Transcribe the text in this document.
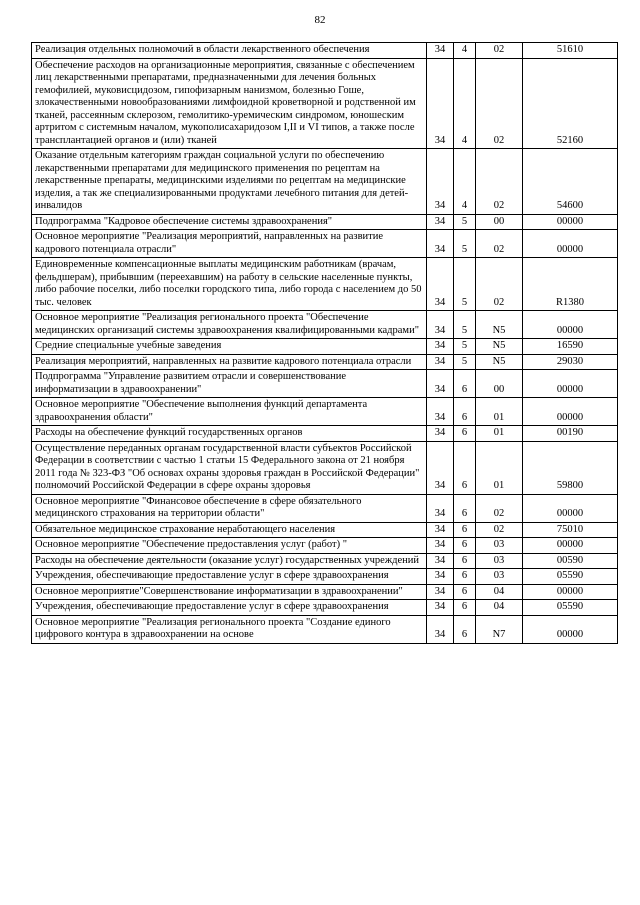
82
Реализация отдельных полномочий в области лекарственного обеспечения	34	4	02	51610
Обеспечение расходов на организационные мероприятия, связанные с обеспечением лиц лекарственными препаратами, предназначенными для лечения больных гемофилией, муковисцидозом, гипофизарным нанизмом, болезнью Гоше, злокачественными новообразованиями лимфоидной кроветворной и родственной им тканей, рассеянным склерозом, гемолитико-уремическим синдромом, юношеским артритом с системным началом, мукополисахаридозом I,II и VI типов, а также после трансплантацией органов и (или) тканей	34	4	02	52160
Оказание отдельным категориям граждан социальной услуги по обеспечению лекарственными препаратами для медицинского применения по рецептам на лекарственные препараты, медицинскими изделиями по рецептам на медицинские изделия, а так же специализированными продуктами лечебного питания для детей-инвалидов	34	4	02	54600
Подпрограмма "Кадровое обеспечение системы здравоохранения"	34	5	00	00000
Основное мероприятие "Реализация мероприятий, направленных на развитие кадрового потенциала отрасли"	34	5	02	00000
Единовременные компенсационные выплаты медицинским работникам (врачам, фельдшерам), прибывшим (переехавшим) на работу в сельские населенные пункты, либо рабочие поселки, либо поселки городского типа, либо города с населением до 50 тыс. человек	34	5	02	R1380
Основное мероприятие "Реализация регионального проекта "Обеспечение медицинских организаций системы здравоохранения квалифицированными кадрами"	34	5	N5	00000
Средние специальные учебные заведения	34	5	N5	16590
Реализация мероприятий, направленных на развитие кадрового потенциала отрасли	34	5	N5	29030
Подпрограмма "Управление развитием отрасли и совершенствование информатизации в здравоохранении"	34	6	00	00000
Основное мероприятие "Обеспечение выполнения функций департамента здравоохранения области"	34	6	01	00000
Расходы на обеспечение функций государственных органов	34	6	01	00190
Осуществление переданных органам государственной власти субъектов Российской Федерации в соответствии с частью 1 статьи 15 Федерального закона от 21 ноября 2011 года № 323-ФЗ "Об основах охраны здоровья граждан в Российской Федерации" полномочий Российской Федерации в сфере охраны здоровья	34	6	01	59800
Основное мероприятие "Финансовое обеспечение в сфере обязательного медицинского страхования на территории области"	34	6	02	00000
Обязательное медицинское страхование неработающего населения	34	6	02	75010
Основное мероприятие "Обеспечение предоставления услуг (работ) "	34	6	03	00000
Расходы на обеспечение деятельности (оказание услуг) государственных учреждений	34	6	03	00590
Учреждения, обеспечивающие предоставление услуг в сфере здравоохранения	34	6	03	05590
Основное мероприятие"Совершенствование информатизации в здравоохранении"	34	6	04	00000
Учреждения, обеспечивающие предоставление услуг в сфере здравоохранения	34	6	04	05590
Основное мероприятие "Реализация регионального проекта "Создание единого цифрового контура в здравоохранении на основе	34	6	N7	00000
